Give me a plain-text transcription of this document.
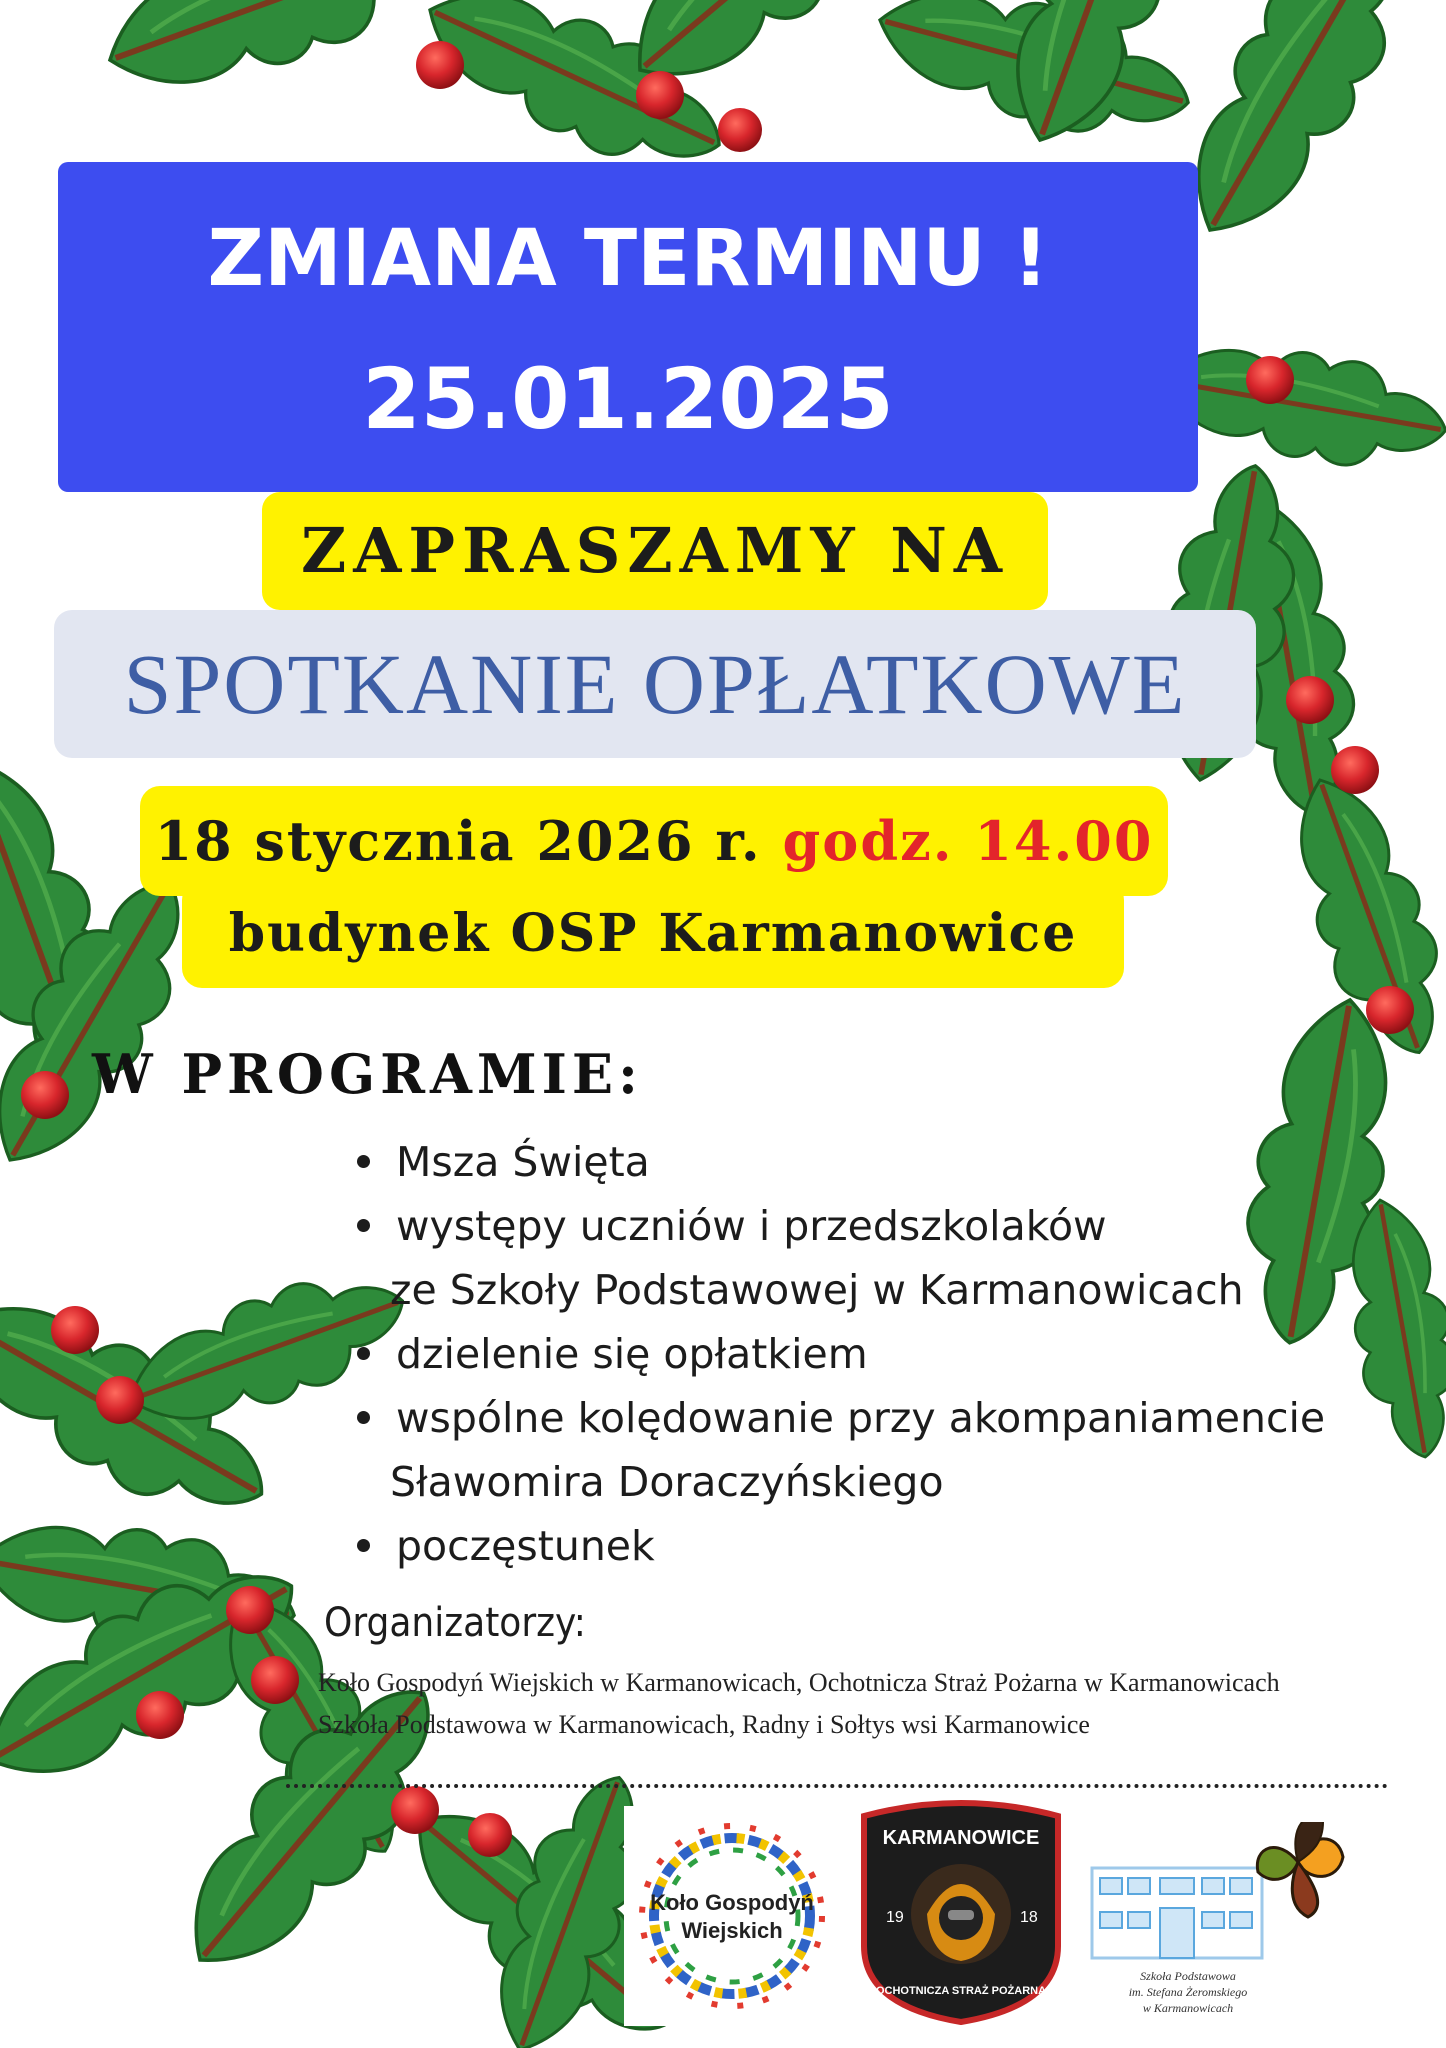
ZMIANA TERMINU !
25.01.2025
ZAPRASZAMY NA
SPOTKANIE OPŁATKOWE
18 stycznia 2026 r. godz. 14.00
budynek OSP Karmanowice
W PROGRAMIE:
Msza Święta
występy uczniów i przedszkolaków
ze Szkoły Podstawowej w Karmanowicach
dzielenie się opłatkiem
wspólne kolędowanie przy akompaniamencie
Sławomira Doraczyńskiego
poczęstunek
Organizatorzy:
Koło Gospodyń Wiejskich w Karmanowicach, Ochotnicza Straż Pożarna w Karmanowicach
Szkoła Podstawowa w Karmanowicach, Radny i Sołtys wsi Karmanowice
Koło Gospodyń
Wiejskich
KARMANOWICE
19	18
OCHOTNICZA STRAŻ POŻARNA
Szkoła Podstawowa
im. Stefana Żeromskiego
w Karmanowicach
